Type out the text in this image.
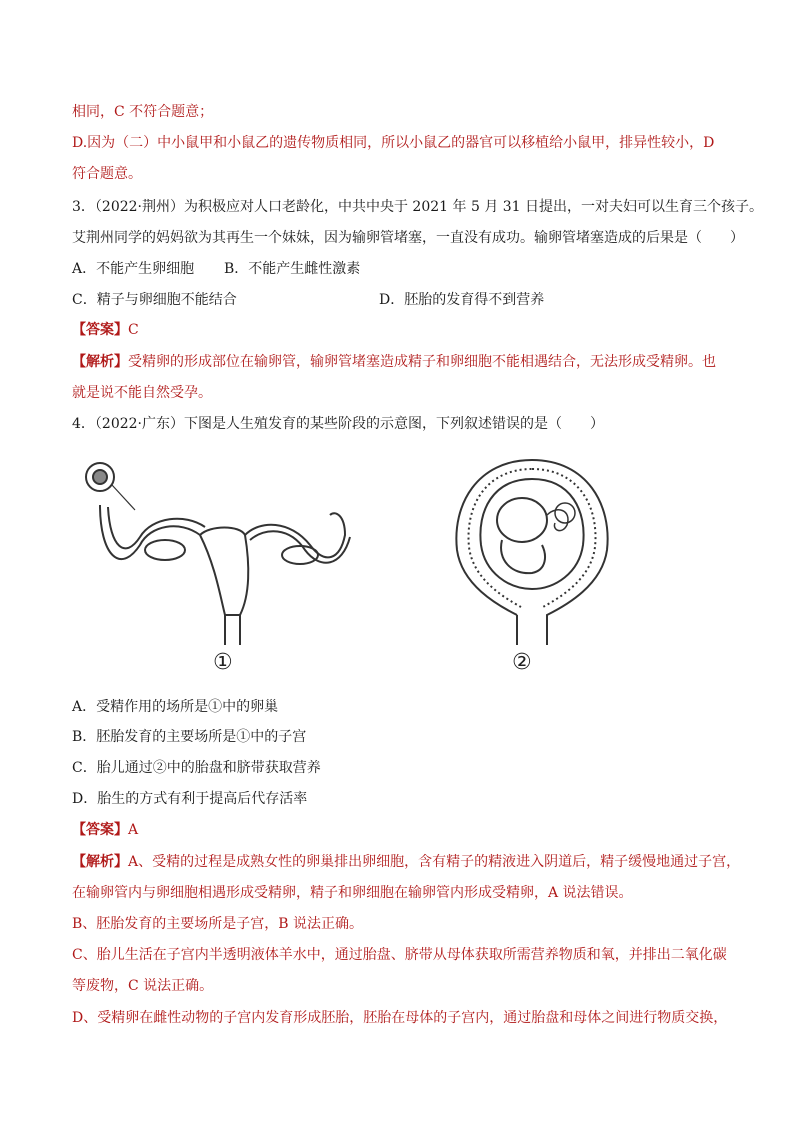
相同，C 不符合题意；
D.因为（二）中小鼠甲和小鼠乙的遗传物质相同，所以小鼠乙的器官可以移植给小鼠甲，排异性较小，D
符合题意。
3．（2022·荆州）为积极应对人口老龄化，中共中央于 2021 年 5 月 31 日提出，一对夫妇可以生育三个孩子。
艾荆州同学的妈妈欲为其再生一个妹妹，因为输卵管堵塞，一直没有成功。输卵管堵塞造成的后果是（　　）
A．不能产生卵细胞 B．不能产生雌性激素
C．精子与卵细胞不能结合	D．胚胎的发育得不到营养
【答案】C
【解析】受精卵的形成部位在输卵管，输卵管堵塞造成精子和卵细胞不能相遇结合，无法形成受精卵。也
就是说不能自然受孕。
4．（2022·广东）下图是人生殖发育的某些阶段的示意图，下列叙述错误的是（　　）
①	②
A．受精作用的场所是①中的卵巢
B．胚胎发育的主要场所是①中的子宫
C．胎儿通过②中的胎盘和脐带获取营养
D．胎生的方式有利于提高后代存活率
【答案】A
【解析】A、受精的过程是成熟女性的卵巢排出卵细胞，含有精子的精液进入阴道后，精子缓慢地通过子宫，
在输卵管内与卵细胞相遇形成受精卵，精子和卵细胞在输卵管内形成受精卵，A 说法错误。
B、胚胎发育的主要场所是子宫，B 说法正确。
C、胎儿生活在子宫内半透明液体羊水中，通过胎盘、脐带从母体获取所需营养物质和氧，并排出二氧化碳
等废物，C 说法正确。
D、受精卵在雌性动物的子宫内发育形成胚胎，胚胎在母体的子宫内，通过胎盘和母体之间进行物质交换，
